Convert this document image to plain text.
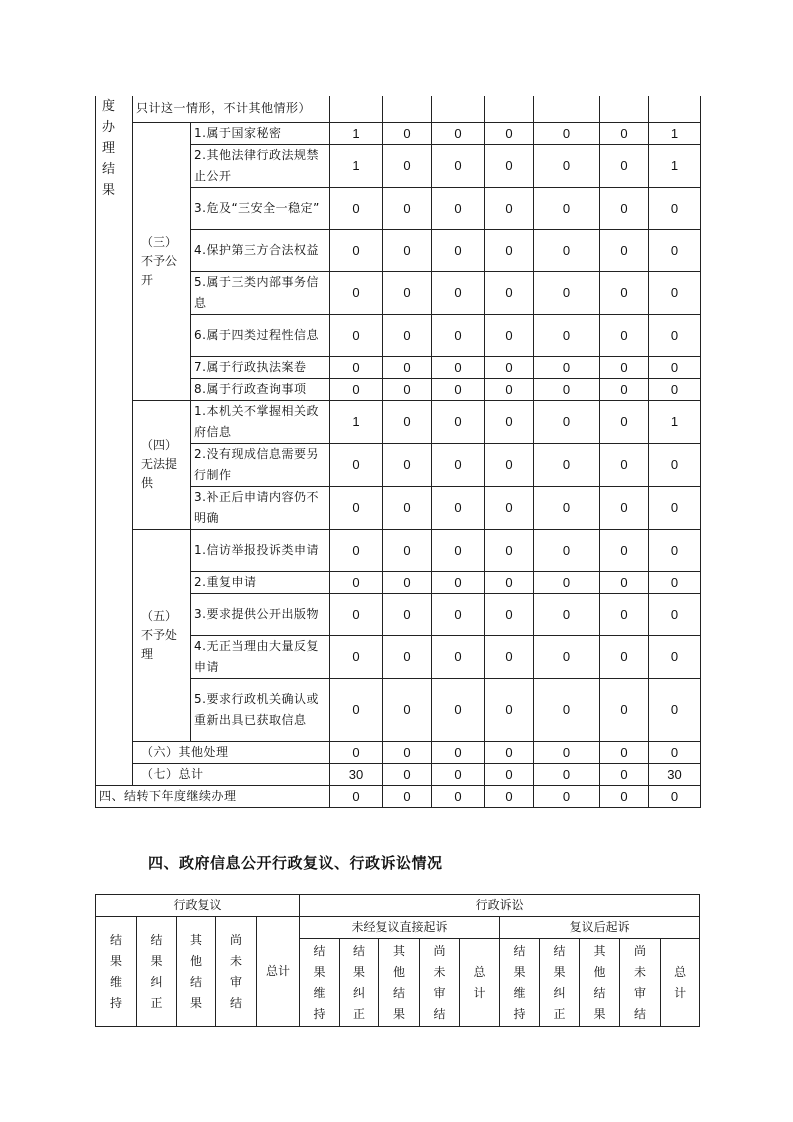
度办理结果	只计这一情形，不计其他情形）								
	（三）不予公开	1.属于国家秘密	1	0	0	0	0	0	1
		2.其他法律行政法规禁止公开	1	0	0	0	0	0	1
		3.危及“三安全一稳定”	0	0	0	0	0	0	0
		4.保护第三方合法权益	0	0	0	0	0	0	0
		5.属于三类内部事务信息	0	0	0	0	0	0	0
		6.属于四类过程性信息	0	0	0	0	0	0	0
		7.属于行政执法案卷	0	0	0	0	0	0	0
		8.属于行政查询事项	0	0	0	0	0	0	0
	（四）无法提供	1.本机关不掌握相关政府信息	1	0	0	0	0	0	1
		2.没有现成信息需要另行制作	0	0	0	0	0	0	0
		3.补正后申请内容仍不明确	0	0	0	0	0	0	0
	（五）不予处理	1.信访举报投诉类申请	0	0	0	0	0	0	0
		2.重复申请	0	0	0	0	0	0	0
		3.要求提供公开出版物	0	0	0	0	0	0	0
		4.无正当理由大量反复申请	0	0	0	0	0	0	0
		5.要求行政机关确认或重新出具已获取信息	0	0	0	0	0	0	0
	（六）其他处理		0	0	0	0	0	0	0
	（七）总计		30	0	0	0	0	0	30
四、结转下年度继续办理			0	0	0	0	0	0	0
四、政府信息公开行政复议、行政诉讼情况
行政复议					行政诉讼									
结果维持	结果纠正	其他结果	尚未审结	总计	未经复议直接起诉					复议后起诉				
					结果维持	结果纠正	其他结果	尚未审结	总计	结果维持	结果纠正	其他结果	尚未审结	总计
